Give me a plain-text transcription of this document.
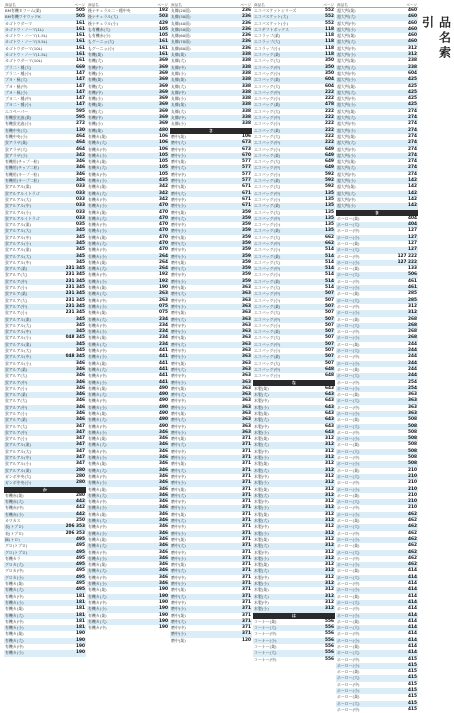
商品名	ページ
BM有機Ｅフーム(業)	505
BM有機ツヤウッドK	505
カゴトウダーマ	161
カゴトウ・ノーマ(1L)	161
カゴトウ・ノーマ(1.5L)	161
カゴトウ・ノーマ(3.5L)	161
カゴトウダーマ(10L)	161
カゴトウ・ノーマ(1.5L)	161
カゴトウダーマ(10L)	161
ブラ二・種(大)	669
ブラ二・種(小)	147
ブヨ・極(大)	147
ブヨ・極(中)	147
ブヨ・極(小)	147
ブヨ二・種(中)	147
ブヨ二・種(小)	147
エコペーパー	595
有機蛍光液(業)	595
有機蛍光液(小)	272
有機中央(大)	130
有機中央(小)	464
蛍アラザ(業)	464
蛍アラザ(大)	464
蛍アラザ(小)	342
有機用(チップ一粒)	346
有機用(チップ二粒)	346
有機用(キープ一粒)	346
有機用(キープ二粒)	346
蛍アルアル(業)	033
蛍アルアルイトラゴ	033
蛍アルアル(大)	033
蛍アルアル(中)	033
蛍アルアル(小)	033
蛍アルアルイトラゴ	033
蛍アルアル(業)	035
蛍アルアル(大)	345
蛍アルアル(中)	345
蛍アルアル(小)	345
蛍アルアル(業)	345
蛍アルアル(大)	345
蛍アルアル(中)	345
蛍アルア(業)	231 345
蛍アルア(大)	231 345
蛍アルア(中)	231 345
蛍アルア(小)	231 345
蛍アルア(業)	231 345
蛍アルア(大)	231 345
蛍アルア(中)	231 345
蛍アルア(小)	231 345
蛍アルアル(業)	345
蛍アルアル(大)	345
蛍アルアル(中)	345
蛍アルアル(小)	048 345
蛍アルアル(業)	345
蛍アルアル(大)	345
蛍アルアル(中)	048 345
蛍アルアル(小)	346
蛍アルア(業)	346
蛍アルア(大)	346
蛍アルア(中)	346
蛍アルア(小)	346
蛍アルア(業)	346
蛍アルア(大)	346
蛍アルア(中)	346
蛍アルア(小)	346
蛍アルア(業)	346
蛍アルア(大)	347
蛍アルア(中)	347
蛍アルア(小)	347
蛍アルアル(業)	347
蛍アルアル(大)	347
蛍アルアル(中)	347
蛍アルアル(小)	347
蛍アルアル(業)	280
ガンボ中央(大)	280
ガンボ中央(小)	280
か
有機赤(業)	280
有機赤(大)	442
有機赤(中)	442
有機赤(小)	442
カワカス	250
表(トブロ)	206 353
表(トブロ)	206 353
緑(トロ)	495
グロ(トブロ)	495
グロ(トブロ)	495
有機カラ	495
グロカ(大)	495
グロカ(中)	495
グロカ(小)	495
有機カ(業)	495
有機カ(大)	495
有機カ(中)	181
有機カ(小)	181
有機カ(業)	181
有機カ(大)	181
有機カ(中)	181
有機カ(小)	181
有機カ(業)	190
有機カ(大)	190
有機カ(中)	190
有機カ(小)	190
商品名	ページ
後ナチュラル二・種中央	192
後ナチュラル(大)	503
後ナチュラル(小)	429
も有機赤(大)	105
も有機赤(小)	105
もグーニョ(大)	161
もグーニョ(小)	161
有機(業)	161
有機(大)	369
有機(中)	369
有機(小)	369
有機(業)	369
有機(大)	369
有機(中)	369
有機(小)	369
有機(業)	369
有機(大)	369
有機(中)	369
有機(小)	369
有機(業)	480
有機カ(業)	106
有機カ(大)	106
有機カ(中)	106
有機カ(小)	105
有機カ(業)	105
有機カ(大)	105
有機カ(中)	105
有機カ(小)	435
有機カ(業)	342
有機カ(大)	342
有機カ(中)	342
有機カ(小)	470
有機カ(業)	470
有機カ(大)	470
有機カ(中)	470
有機カ(小)	470
有機カ(業)	470
有機カ(大)	470
有機カ(中)	470
有機カ(小)	264
有機カ(業)	264
有機カ(大)	264
有機カ(中)	192
有機カ(小)	192
有機カ(業)	190
有機カ(大)	263
有機カ(中)	263
有機カ(小)	075
有機カ(業)	075
有機カ(大)	234
有機カ(中)	234
有機カ(小)	234
有機カ(業)	234
有機カ(大)	234
有機カ(中)	441
有機カ(小)	441
有機カ(業)	441
有機カ(大)	441
有機カ(中)	441
有機カ(小)	441
有機カ(業)	490
有機カ(大)	490
有機カ(中)	490
有機カ(小)	490
有機カ(業)	490
有機カ(大)	490
有機カ(中)	490
有機カ(小)	346
有機カ(業)	346
有機カ(大)	346
有機カ(中)	346
有機カ(小)	346
有機カ(業)	346
有機カ(大)	346
有機カ(中)	346
有機カ(小)	346
有機カ(業)	346
有機カ(大)	346
有機カ(中)	346
有機カ(小)	346
有機カ(業)	346
有機カ(大)	346
有機カ(中)	346
有機カ(小)	346
有機カ(業)	346
有機カ(大)	346
有機カ(中)	346
有機カ(小)	346
有機カ(業)	346
有機カ(大)	346
有機カ(中)	346
有機カ(小)	346
有機カ(業)	190
有機カ(大)	190
有機カ(中)	190
有機カ(小)	190
有機カ(業)	190
有機カ(大)	190
有機カ(中)	190
商品名	ページ
丸櫛(20面)	236
丸櫛(30面)	236
丸櫛(40面)	236
丸櫛(50面)	236
丸櫛(60面)	236
丸櫛(70面)	236
丸櫛(80面)	236
丸櫛(業)	338
丸櫛(大)	338
丸櫛(中)	338
丸櫛(小)	338
丸櫛(業)	338
丸櫛(大)	338
丸櫛(中)	338
丸櫛(小)	338
丸櫛(業)	338
丸櫛(大)	338
丸櫛(中)	338
丸櫛(小)	338
さ
磨中(業)	106
磨中(大)	673
磨中(中)	673
磨中(小)	670
磨中(業)	577
磨中(大)	577
磨中(中)	577
磨中(小)	577
磨中(業)	671
磨中(大)	671
磨中(中)	671
磨中(小)	671
磨中(業)	359
磨中(大)	359
磨中(中)	359
磨中(小)	359
磨中(業)	359
磨中(大)	359
磨中(中)	359
磨中(小)	359
磨中(業)	359
磨中(大)	359
磨中(中)	359
磨中(小)	359
磨中(業)	363
磨中(大)	363
磨中(中)	363
磨中(小)	363
磨中(業)	363
磨中(大)	363
磨中(中)	363
磨中(小)	363
磨中(業)	363
磨中(大)	363
磨中(中)	363
磨中(小)	363
磨中(業)	363
磨中(大)	363
磨中(中)	363
磨中(小)	363
磨中(業)	363
磨中(大)	363
磨中(中)	363
磨中(小)	363
磨中(業)	363
磨中(大)	363
磨中(中)	363
磨中(小)	363
磨中(業)	371
磨中(大)	371
磨中(中)	371
磨中(小)	371
磨中(業)	371
磨中(大)	371
磨中(中)	371
磨中(小)	371
磨中(業)	371
磨中(大)	371
磨中(中)	371
磨中(小)	371
磨中(業)	371
磨中(大)	371
磨中(中)	371
磨中(小)	371
磨中(業)	371
磨中(大)	371
磨中(中)	371
磨中(小)	371
磨中(業)	371
磨中(大)	371
磨中(中)	371
磨中(小)	371
磨中(業)	371
磨中(大)	371
磨中(中)	371
磨中(小)	371
磨中(業)	371
磨中(大)	371
磨中(中)	371
磨中(小)	371
磨中(業)	120
商品名	ページ
エコバスケットシリーズ	552
エコバスケット(大)	552
エコバスケット(小)	552
エコギフトボックス	118
エコラップ(業)	118
エコラップ(大)	118
エコラップ(小)	118
エコバッグ(業)	118
エコバッグ(大)	350
エコバッグ(中)	350
エコバッグ(小)	350
エコバッグ(業)	604
エコバッグ(大)	604
エコバッグ(中)	222
エコバッグ(小)	222
エコバッグ(業)	478
エコバッグ(大)	222
エコバッグ(中)	222
エコバッグ(小)	222
エコバッグ(業)	222
エコバッグ(大)	222
エコバッグ(中)	222
エコバッグ(小)	649
エコバッグ(業)	649
エコバッグ(大)	649
エコバッグ(中)	649
エコバッグ(小)	592
エコバッグ(業)	592
エコバッグ(大)	592
エコバッグ(中)	135
エコバッグ(小)	135
エコバッグ(業)	135
エコバッグ(大)	135
エコバッグ(中)	135
エコバッグ(小)	135
エコバッグ(業)	135
エコバッグ(大)	662
エコバッグ(中)	662
エコバッグ(小)	514
エコバッグ(業)	514
エコバッグ(大)	514
エコバッグ(中)	514
エコバッグ(小)	514
エコバッグ(業)	514
エコバッグ(大)	514
エコバッグ(中)	507
エコバッグ(小)	507
エコバッグ(業)	507
エコバッグ(大)	507
エコバッグ(中)	507
エコバッグ(小)	507
エコバッグ(業)	507
エコバッグ(大)	507
エコバッグ(中)	507
エコバッグ(小)	507
エコバッグ(業)	507
エコバッグ(大)	507
エコバッグ(中)	648
エコバッグ(小)	648
な
木製(業)	643
木製(大)	643
木製(中)	643
木製(小)	643
木製(業)	643
木製(大)	643
木製(中)	643
木製(小)	643
木製(業)	312
木製(大)	312
木製(中)	312
木製(小)	312
木製(業)	312
木製(大)	312
木製(中)	312
木製(小)	312
木製(業)	312
木製(大)	312
木製(中)	312
木製(小)	312
木製(業)	312
木製(大)	312
木製(中)	312
木製(小)	312
木製(業)	312
木製(大)	312
木製(中)	312
木製(小)	312
木製(業)	312
木製(大)	312
木製(中)	312
木製(小)	312
木製(業)	312
木製(大)	312
木製(中)	312
木製(小)	312
は
コーナー(業)	556
コーナー(大)	556
コーナー(中)	556
コーナー(小)	556
コーナー(業)	556
コーナー(大)	556
コーナー(中)	556
商品名	ページ
超大判(業)	460
超大判(大)	460
超大判(中)	460
超大判(小)	460
超大判(業)	460
超大判(大)	460
超大判(中)	312
超大判(小)	312
超大判(業)	238
超大判(大)	238
超大判(中)	604
超大判(小)	425
超大判(業)	425
超大判(大)	425
超大判(中)	425
超大判(小)	425
超大判(業)	274
超大判(大)	274
超大判(中)	274
超大判(小)	274
超大判(業)	274
超大判(大)	274
超大判(中)	274
超大判(小)	274
超大判(業)	274
超大判(大)	274
超大判(中)	274
超大判(小)	142
超大判(業)	142
超大判(大)	142
超大判(中)	142
超大判(小)	142
ま
ホーロー(業)	404
ホーロー(大)	404
ホーロー(中)	127
ホーロー(小)	127
ホーロー(業)	127
ホーロー(大)	127
ホーロー(中)	127 222
ホーロー(小)	127 222
ホーロー(業)	133
ホーロー(大)	506
ホーロー(中)	461
ホーロー(小)	461
ホーロー(業)	285
ホーロー(大)	285
ホーロー(中)	312
ホーロー(小)	312
ホーロー(業)	268
ホーロー(大)	268
ホーロー(中)	268
ホーロー(小)	268
ホーロー(業)	244
ホーロー(大)	244
ホーロー(中)	244
ホーロー(小)	244
ホーロー(業)	244
ホーロー(大)	244
ホーロー(中)	254
ホーロー(小)	254
ホーロー(業)	363
ホーロー(大)	363
ホーロー(中)	363
ホーロー(小)	363
ホーロー(業)	508
ホーロー(大)	508
ホーロー(中)	508
ホーロー(小)	508
ホーロー(業)	508
ホーロー(大)	508
ホーロー(中)	508
ホーロー(小)	508
ホーロー(業)	210
ホーロー(大)	210
ホーロー(中)	210
ホーロー(小)	210
ホーロー(業)	210
ホーロー(大)	210
ホーロー(中)	210
ホーロー(小)	462
ホーロー(業)	462
ホーロー(大)	462
ホーロー(中)	462
ホーロー(小)	462
ホーロー(業)	462
ホーロー(大)	462
ホーロー(中)	462
ホーロー(小)	462
ホーロー(業)	414
ホーロー(大)	414
ホーロー(中)	414
ホーロー(小)	414
ホーロー(業)	414
ホーロー(大)	414
ホーロー(中)	414
ホーロー(小)	414
ホーロー(業)	414
ホーロー(大)	414
ホーロー(中)	414
ホーロー(小)	414
ホーロー(業)	414
ホーロー(大)	414
ホーロー(中)	415
ホーロー(小)	415
ホーロー(業)	415
ホーロー(大)	415
ホーロー(中)	415
ホーロー(小)	415
ホーロー(業)	415
ホーロー(大)	415
ホーロー(中)	415
品名索引
